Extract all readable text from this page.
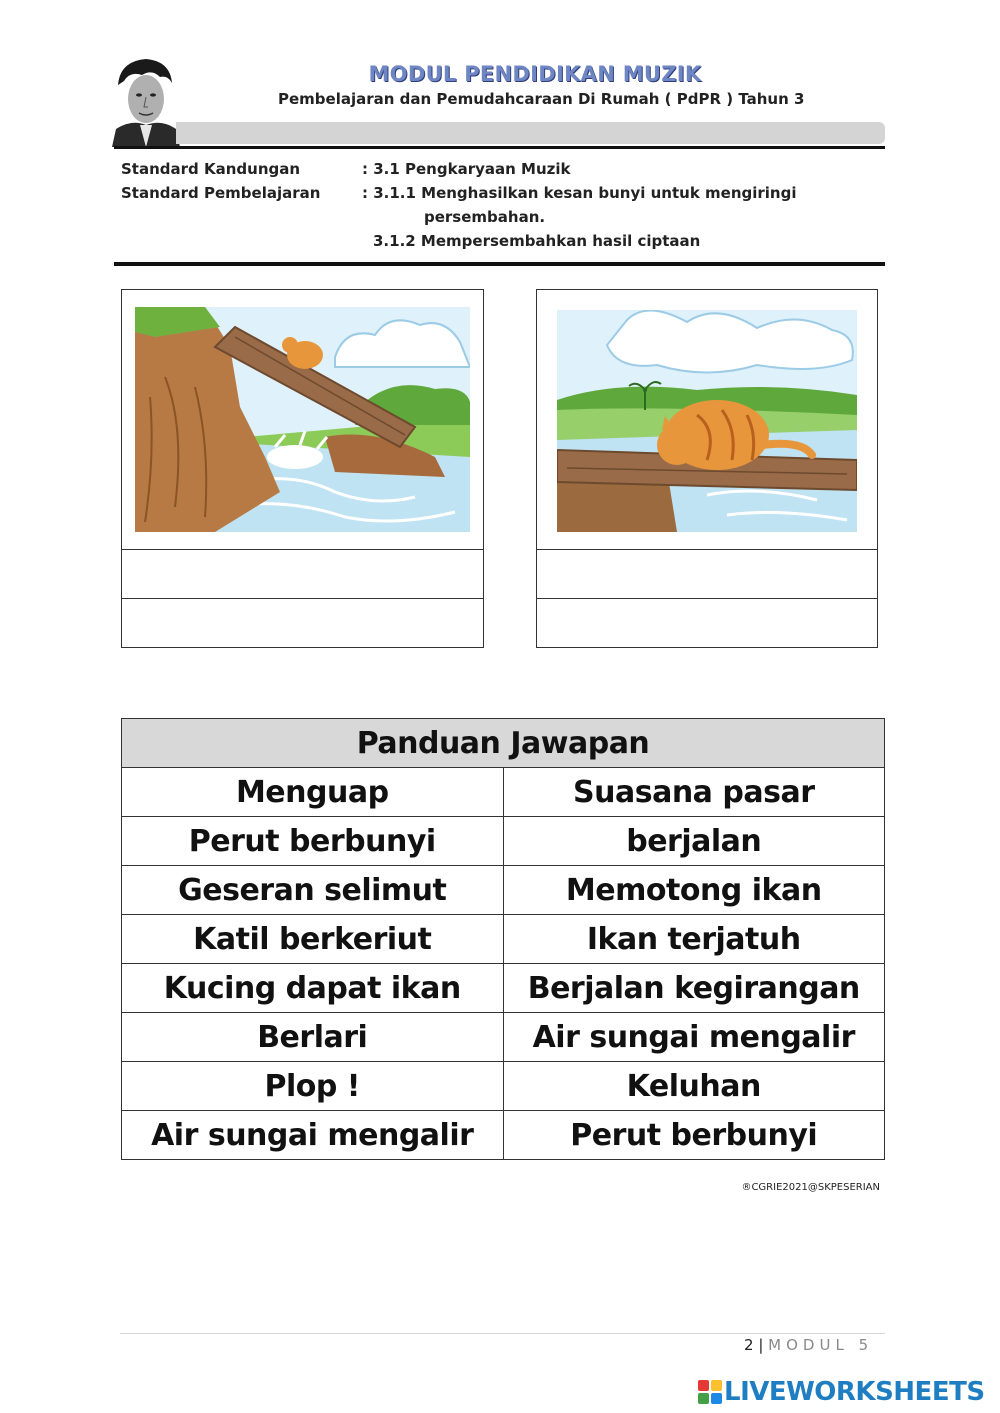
MODUL PENDIDIKAN MUZIK
Pembelajaran dan Pemudahcaraan Di Rumah ( PdPR ) Tahun 3
Standard Kandungan	: 3.1 Pengkaryaan Muzik
Standard Pembelajaran	: 3.1.1 Menghasilkan kesan bunyi untuk mengiringi
persembahan.
3.1.2 Mempersembahkan hasil ciptaan
Panduan Jawapan	
Menguap	Suasana pasar
Perut berbunyi	berjalan
Geseran selimut	Memotong ikan
Katil berkeriut	Ikan terjatuh
Kucing dapat ikan	Berjalan kegirangan
Berlari	Air sungai mengalir
Plop !	Keluhan
Air sungai mengalir	Perut berbunyi
®CGRIE2021@SKPESERIAN
2 | MODUL 5
LIVEWORKSHEETS
